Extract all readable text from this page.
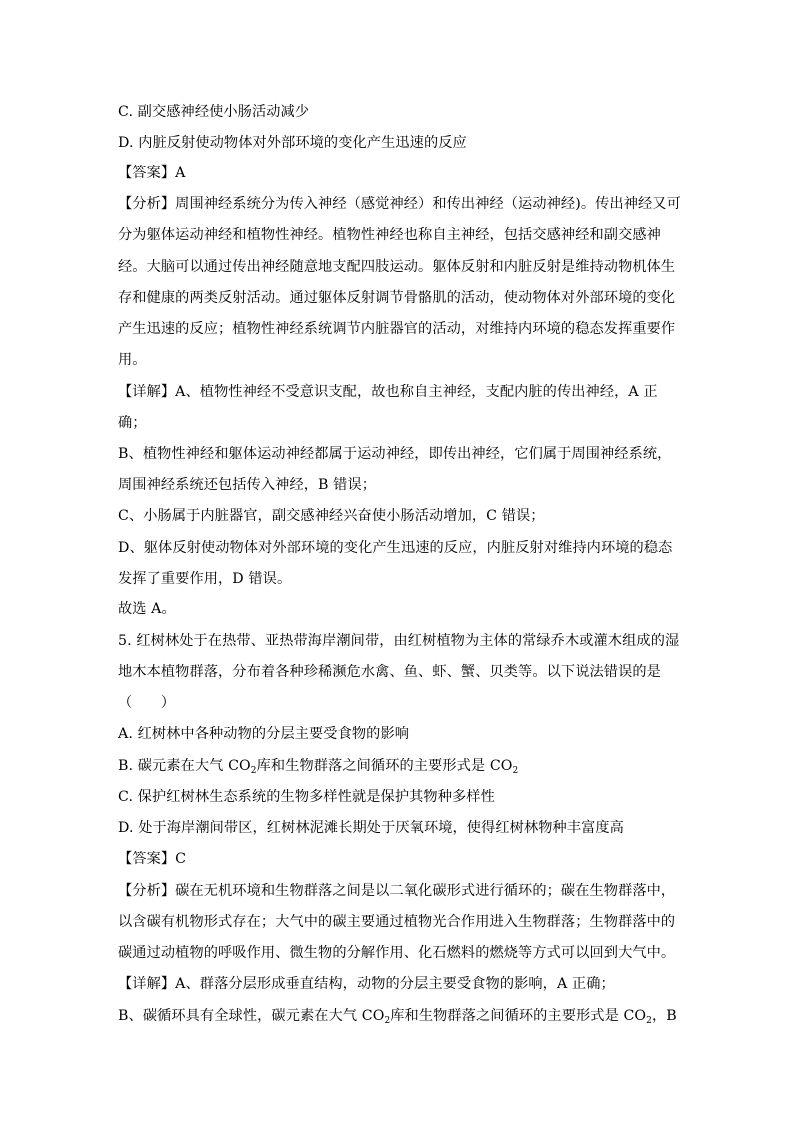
C. 副交感神经使小肠活动减少
D. 内脏反射使动物体对外部环境的变化产生迅速的反应
【答案】A
【分析】周围神经系统分为传入神经（感觉神经）和传出神经（运动神经)。传出神经又可
分为躯体运动神经和植物性神经。植物性神经也称自主神经，包括交感神经和副交感神
经。大脑可以通过传出神经随意地支配四肢运动。躯体反射和内脏反射是维持动物机体生
存和健康的两类反射活动。通过躯体反射调节骨骼肌的活动，使动物体对外部环境的变化
产生迅速的反应；植物性神经系统调节内脏器官的活动，对维持内环境的稳态发挥重要作
用。
【详解】A、植物性神经不受意识支配，故也称自主神经，支配内脏的传出神经，A 正
确；
B、植物性神经和躯体运动神经都属于运动神经，即传出神经，它们属于周围神经系统，
周围神经系统还包括传入神经，B 错误；
C、小肠属于内脏器官，副交感神经兴奋使小肠活动增加，C 错误；
D、躯体反射使动物体对外部环境的变化产生迅速的反应，内脏反射对维持内环境的稳态
发挥了重要作用，D 错误。
故选 A。
5. 红树林处于在热带、亚热带海岸潮间带，由红树植物为主体的常绿乔木或灌木组成的湿
地木本植物群落，分布着各种珍稀濒危水禽、鱼、虾、蟹、贝类等。以下说法错误的是
（　　）
A. 红树林中各种动物的分层主要受食物的影响
B. 碳元素在大气 $CO_2$库和生物群落之间循环的主要形式是 $CO_2$
C. 保护红树林生态系统的生物多样性就是保护其物种多样性
D. 处于海岸潮间带区，红树林泥滩长期处于厌氧环境，使得红树林物种丰富度高
【答案】C
【分析】碳在无机环境和生物群落之间是以二氧化碳形式进行循环的；碳在生物群落中，
以含碳有机物形式存在；大气中的碳主要通过植物光合作用进入生物群落；生物群落中的
碳通过动植物的呼吸作用、微生物的分解作用、化石燃料的燃烧等方式可以回到大气中。
【详解】A、群落分层形成垂直结构，动物的分层主要受食物的影响，A 正确；
B、碳循环具有全球性，碳元素在大气 $CO_2$库和生物群落之间循环的主要形式是 $CO_2$，B
